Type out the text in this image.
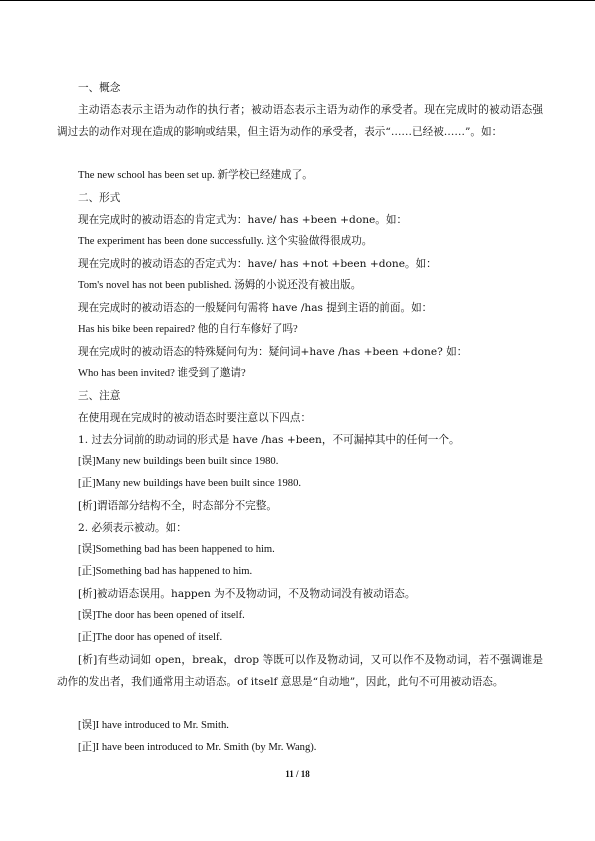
一、概念
主动语态表示主语为动作的执行者；被动语态表示主语为动作的承受者。现在完成时的被动语态强调过去的动作对现在造成的影响或结果，但主语为动作的承受者，表示“……已经被……”。如：
The new school has been set up. 新学校已经建成了。
二、形式
现在完成时的被动语态的肯定式为：have/ has +been +done。如：
The experiment has been done successfully. 这个实验做得很成功。
现在完成时的被动语态的否定式为：have/ has +not +been +done。如：
Tom's novel has not been published. 汤姆的小说还没有被出版。
现在完成时的被动语态的一般疑问句需将 have /has 提到主语的前面。如：
Has his bike been repaired? 他的自行车修好了吗?
现在完成时的被动语态的特殊疑问句为：疑问词+have /has +been +done? 如：
Who has been invited? 谁受到了邀请?
三、注意
在使用现在完成时的被动语态时要注意以下四点：
1. 过去分词前的助动词的形式是 have /has +been，不可漏掉其中的任何一个。
[误]Many new buildings been built since 1980.
[正]Many new buildings have been built since 1980.
[析]谓语部分结构不全，时态部分不完整。
2. 必须表示被动。如：
[误]Something bad has been happened to him.
[正]Something bad has happened to him.
[析]被动语态误用。happen 为不及物动词，不及物动词没有被动语态。
[误]The door has been opened of itself.
[正]The door has opened of itself.
[析]有些动词如 open，break，drop 等既可以作及物动词，又可以作不及物动词，若不强调谁是动作的发出者，我们通常用主动语态。of itself 意思是“自动地”，因此，此句不可用被动语态。
[误]I have introduced to Mr. Smith.
[正]I have been introduced to Mr. Smith (by Mr. Wang).
11 / 18
